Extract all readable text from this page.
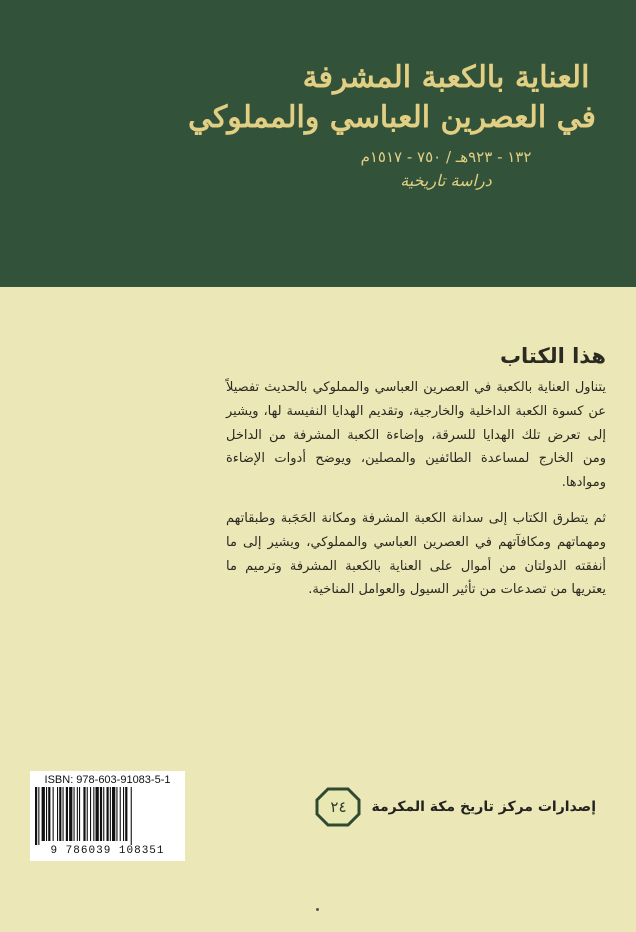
العناية بالكعبة المشرفة
في العصرين العباسي والمملوكي
١٣٢ - ٩٢٣هـ / ٧٥٠ - ١٥١٧م
دراسة تاريخية
هذا الكتاب

يتناول العناية بالكعبة في العصرين العباسي والمملوكي بالحديث تفصيلاً عن كسوة الكعبة الداخلية والخارجية، وتقديم الهدايا النفيسة لها، ويشير إلى تعرض تلك الهدايا للسرقة، وإضاءة الكعبة المشرفة من الداخل ومن الخارج لمساعدة الطائفين والمصلين، ويوضح أدوات الإضاءة وموادها.

ثم يتطرق الكتاب إلى سدانة الكعبة المشرفة ومكانة الحَجَبة وطبقاتهم ومهماتهم ومكافآتهم في العصرين العباسي والمملوكي، ويشير إلى ما أنفقته الدولتان من أموال على العناية بالكعبة المشرفة وترميم ما يعتريها من تصدعات من تأثير السيول والعوامل المناخية.

ISBN: 978-603-91083-5-1
9 786039 108351
إصدارات مركز تاريخ مكة المكرمة
٢٤
